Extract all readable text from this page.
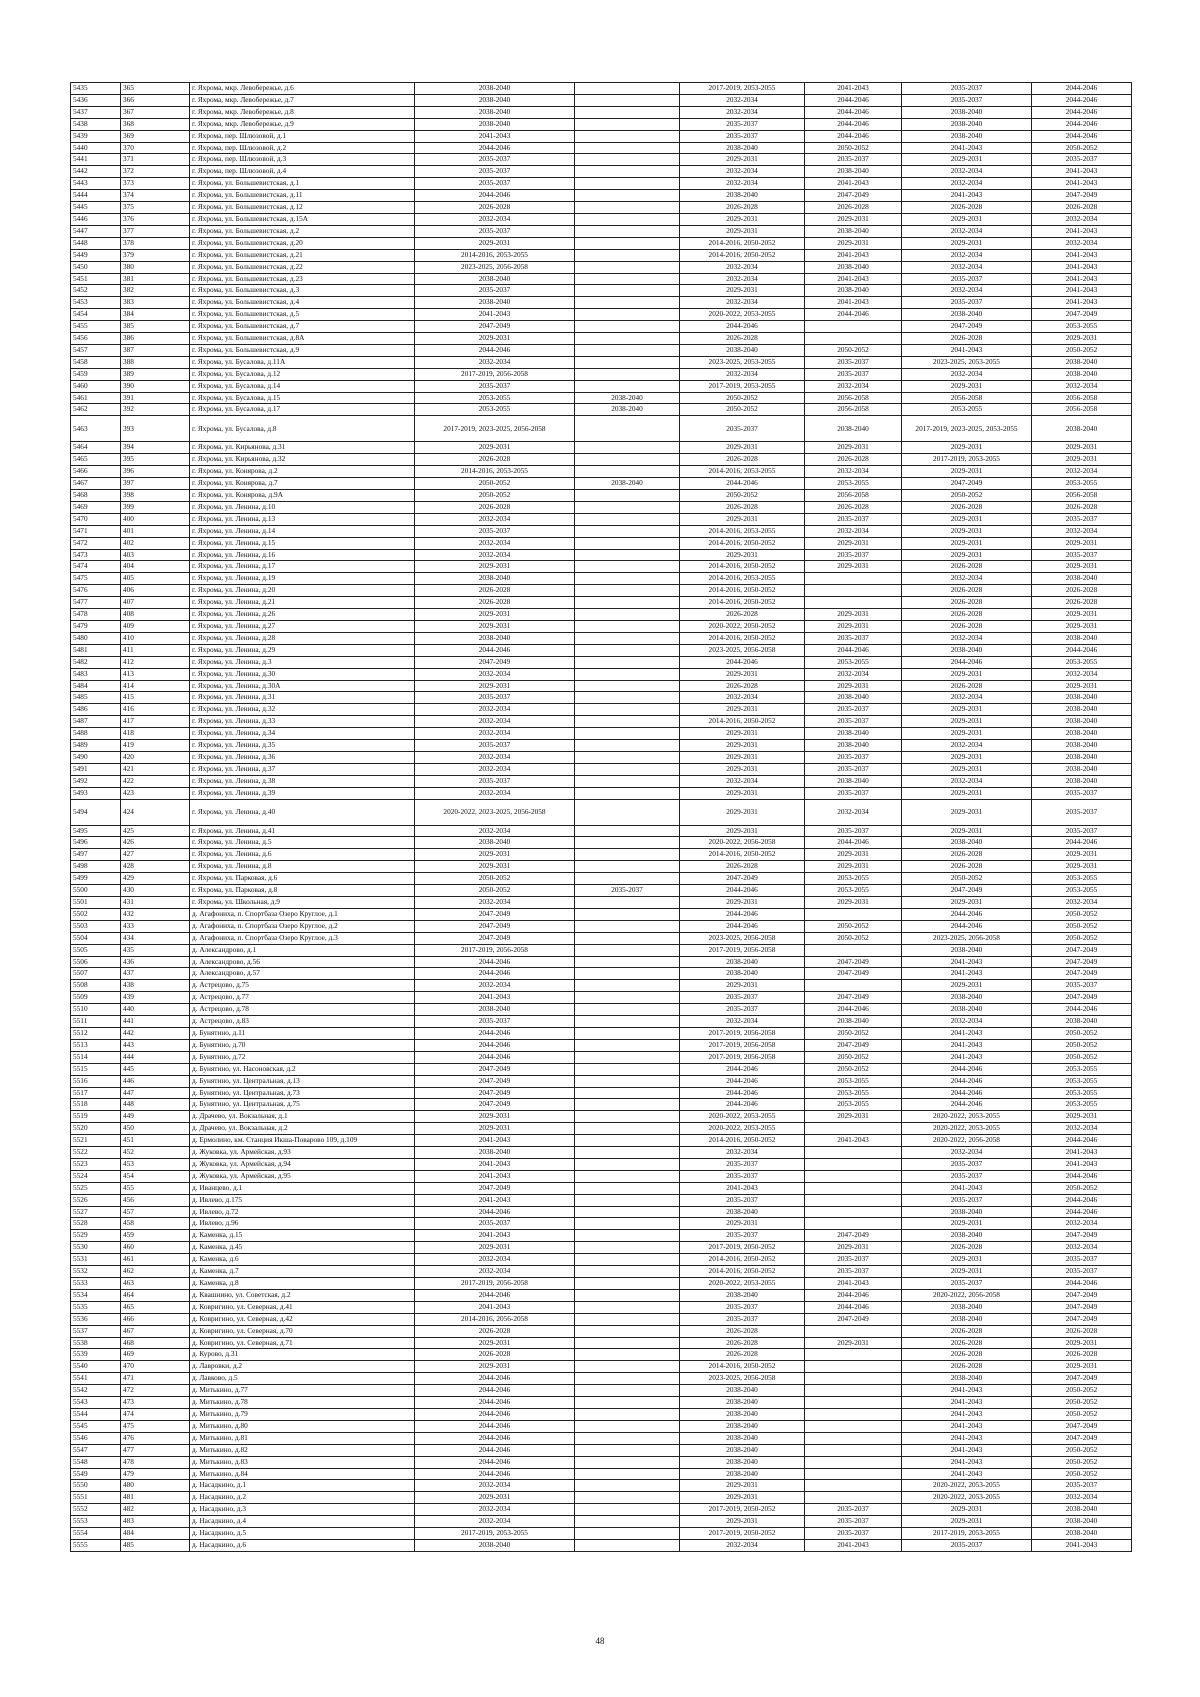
5435	365	г. Яхрома, мкр. Левобережье, д.6	2038-2040		2017-2019, 2053-2055	2041-2043	2035-2037	2044-2046
5436	366	г. Яхрома, мкр. Левобережье, д.7	2038-2040		2032-2034	2044-2046	2035-2037	2044-2046
5437	367	г. Яхрома, мкр. Левобережье, д.8	2038-2040		2032-2034	2044-2046	2038-2040	2044-2046
5438	368	г. Яхрома, мкр. Левобережье, д.9	2038-2040		2035-2037	2044-2046	2038-2040	2044-2046
5439	369	г. Яхрома, пер. Шлюзовой, д.1	2041-2043		2035-2037	2044-2046	2038-2040	2044-2046
5440	370	г. Яхрома, пер. Шлюзовой, д.2	2044-2046		2038-2040	2050-2052	2041-2043	2050-2052
5441	371	г. Яхрома, пер. Шлюзовой, д.3	2035-2037		2029-2031	2035-2037	2029-2031	2035-2037
5442	372	г. Яхрома, пер. Шлюзовой, д.4	2035-2037		2032-2034	2038-2040	2032-2034	2041-2043
5443	373	г. Яхрома, ул. Большевистская, д.1	2035-2037		2032-2034	2041-2043	2032-2034	2041-2043
5444	374	г. Яхрома, ул. Большевистская, д.11	2044-2046		2038-2040	2047-2049	2041-2043	2047-2049
5445	375	г. Яхрома, ул. Большевистская, д.12	2026-2028		2026-2028	2026-2028	2026-2028	2026-2028
5446	376	г. Яхрома, ул. Большевистская, д.15А	2032-2034		2029-2031	2029-2031	2029-2031	2032-2034
5447	377	г. Яхрома, ул. Большевистская, д.2	2035-2037		2029-2031	2038-2040	2032-2034	2041-2043
5448	378	г. Яхрома, ул. Большевистская, д.20	2029-2031		2014-2016, 2050-2052	2029-2031	2029-2031	2032-2034
5449	379	г. Яхрома, ул. Большевистская, д.21	2014-2016, 2053-2055		2014-2016, 2050-2052	2041-2043	2032-2034	2041-2043
5450	380	г. Яхрома, ул. Большевистская, д.22	2023-2025, 2056-2058		2032-2034	2038-2040	2032-2034	2041-2043
5451	381	г. Яхрома, ул. Большевистская, д.23	2038-2040		2032-2034	2041-2043	2035-2037	2041-2043
5452	382	г. Яхрома, ул. Большевистская, д.3	2035-2037		2029-2031	2038-2040	2032-2034	2041-2043
5453	383	г. Яхрома, ул. Большевистская, д.4	2038-2040		2032-2034	2041-2043	2035-2037	2041-2043
5454	384	г. Яхрома, ул. Большевистская, д.5	2041-2043		2020-2022, 2053-2055	2044-2046	2038-2040	2047-2049
5455	385	г. Яхрома, ул. Большевистская, д.7	2047-2049		2044-2046		2047-2049	2053-2055
5456	386	г. Яхрома, ул. Большевистская, д.8А	2029-2031		2026-2028		2026-2028	2029-2031
5457	387	г. Яхрома, ул. Большевистская, д.9	2044-2046		2038-2040	2050-2052	2041-2043	2050-2052
5458	388	г. Яхрома, ул. Бусалова, д.11А	2032-2034		2023-2025, 2053-2055	2035-2037	2023-2025, 2053-2055	2038-2040
5459	389	г. Яхрома, ул. Бусалова, д.12	2017-2019, 2056-2058		2032-2034	2035-2037	2032-2034	2038-2040
5460	390	г. Яхрома, ул. Бусалова, д.14	2035-2037		2017-2019, 2053-2055	2032-2034	2029-2031	2032-2034
5461	391	г. Яхрома, ул. Бусалова, д.15	2053-2055	2038-2040	2050-2052	2056-2058	2056-2058	2056-2058
5462	392	г. Яхрома, ул. Бусалова, д.17	2053-2055	2038-2040	2050-2052	2056-2058	2053-2055	2056-2058
5463	393	г. Яхрома, ул. Бусалова, д.8	2017-2019, 2023-2025, 2056-2058		2035-2037	2038-2040	2017-2019, 2023-2025, 2053-2055	2038-2040
5464	394	г. Яхрома, ул. Кирьянова, д.31	2029-2031		2029-2031	2029-2031	2029-2031	2029-2031
5465	395	г. Яхрома, ул. Кирьянова, д.32	2026-2028		2026-2028	2026-2028	2017-2019, 2053-2055	2029-2031
5466	396	г. Яхрома, ул. Конярова, д.2	2014-2016, 2053-2055		2014-2016, 2053-2055	2032-2034	2029-2031	2032-2034
5467	397	г. Яхрома, ул. Конярова, д.7	2050-2052	2038-2040	2044-2046	2053-2055	2047-2049	2053-2055
5468	398	г. Яхрома, ул. Конярова, д.9А	2050-2052		2050-2052	2056-2058	2050-2052	2056-2058
5469	399	г. Яхрома, ул. Ленина, д.10	2026-2028		2026-2028	2026-2028	2026-2028	2026-2028
5470	400	г. Яхрома, ул. Ленина, д.13	2032-2034		2029-2031	2035-2037	2029-2031	2035-2037
5471	401	г. Яхрома, ул. Ленина, д.14	2035-2037		2014-2016, 2053-2055	2032-2034	2029-2031	2032-2034
5472	402	г. Яхрома, ул. Ленина, д.15	2032-2034		2014-2016, 2050-2052	2029-2031	2029-2031	2029-2031
5473	403	г. Яхрома, ул. Ленина, д.16	2032-2034		2029-2031	2035-2037	2029-2031	2035-2037
5474	404	г. Яхрома, ул. Ленина, д.17	2029-2031		2014-2016, 2050-2052	2029-2031	2026-2028	2029-2031
5475	405	г. Яхрома, ул. Ленина, д.19	2038-2040		2014-2016, 2053-2055		2032-2034	2038-2040
5476	406	г. Яхрома, ул. Ленина, д.20	2026-2028		2014-2016, 2050-2052		2026-2028	2026-2028
5477	407	г. Яхрома, ул. Ленина, д.21	2026-2028		2014-2016, 2050-2052		2026-2028	2026-2028
5478	408	г. Яхрома, ул. Ленина, д.26	2029-2031		2026-2028	2029-2031	2026-2028	2029-2031
5479	409	г. Яхрома, ул. Ленина, д.27	2029-2031		2020-2022, 2050-2052	2029-2031	2026-2028	2029-2031
5480	410	г. Яхрома, ул. Ленина, д.28	2038-2040		2014-2016, 2050-2052	2035-2037	2032-2034	2038-2040
5481	411	г. Яхрома, ул. Ленина, д.29	2044-2046		2023-2025, 2056-2058	2044-2046	2038-2040	2044-2046
5482	412	г. Яхрома, ул. Ленина, д.3	2047-2049		2044-2046	2053-2055	2044-2046	2053-2055
5483	413	г. Яхрома, ул. Ленина, д.30	2032-2034		2029-2031	2032-2034	2029-2031	2032-2034
5484	414	г. Яхрома, ул. Ленина, д.30А	2029-2031		2026-2028	2029-2031	2026-2028	2029-2031
5485	415	г. Яхрома, ул. Ленина, д.31	2035-2037		2032-2034	2038-2040	2032-2034	2038-2040
5486	416	г. Яхрома, ул. Ленина, д.32	2032-2034		2029-2031	2035-2037	2029-2031	2038-2040
5487	417	г. Яхрома, ул. Ленина, д.33	2032-2034		2014-2016, 2050-2052	2035-2037	2029-2031	2038-2040
5488	418	г. Яхрома, ул. Ленина, д.34	2032-2034		2029-2031	2038-2040	2029-2031	2038-2040
5489	419	г. Яхрома, ул. Ленина, д.35	2035-2037		2029-2031	2038-2040	2032-2034	2038-2040
5490	420	г. Яхрома, ул. Ленина, д.36	2032-2034		2029-2031	2035-2037	2029-2031	2038-2040
5491	421	г. Яхрома, ул. Ленина, д.37	2032-2034		2029-2031	2035-2037	2029-2031	2038-2040
5492	422	г. Яхрома, ул. Ленина, д.38	2035-2037		2032-2034	2038-2040	2032-2034	2038-2040
5493	423	г. Яхрома, ул. Ленина, д.39	2032-2034		2029-2031	2035-2037	2029-2031	2035-2037
5494	424	г. Яхрома, ул. Ленина, д.40	2020-2022, 2023-2025, 2056-2058		2029-2031	2032-2034	2029-2031	2035-2037
5495	425	г. Яхрома, ул. Ленина, д.41	2032-2034		2029-2031	2035-2037	2029-2031	2035-2037
5496	426	г. Яхрома, ул. Ленина, д.5	2038-2040		2020-2022, 2056-2058	2044-2046	2038-2040	2044-2046
5497	427	г. Яхрома, ул. Ленина, д.6	2029-2031		2014-2016, 2050-2052	2029-2031	2026-2028	2029-2031
5498	428	г. Яхрома, ул. Ленина, д.8	2029-2031		2026-2028	2029-2031	2026-2028	2029-2031
5499	429	г. Яхрома, ул. Парковая, д.6	2050-2052		2047-2049	2053-2055	2050-2052	2053-2055
5500	430	г. Яхрома, ул. Парковая, д.8	2050-2052	2035-2037	2044-2046	2053-2055	2047-2049	2053-2055
5501	431	г. Яхрома, ул. Школьная, д.9	2032-2034		2029-2031	2029-2031	2029-2031	2032-2034
5502	432	д. Агафониха, п. Спортбаза Озеро Круглое, д.1	2047-2049		2044-2046		2044-2046	2050-2052
5503	433	д. Агафониха, п. Спортбаза Озеро Круглое, д.2	2047-2049		2044-2046	2050-2052	2044-2046	2050-2052
5504	434	д. Агафониха, п. Спортбаза Озеро Круглое, д.3	2047-2049		2023-2025, 2056-2058	2050-2052	2023-2025, 2056-2058	2050-2052
5505	435	д. Александрово, д.1	2017-2019, 2056-2058		2017-2019, 2056-2058		2038-2040	2047-2049
5506	436	д. Александрово, д.56	2044-2046		2038-2040	2047-2049	2041-2043	2047-2049
5507	437	д. Александрово, д.57	2044-2046		2038-2040	2047-2049	2041-2043	2047-2049
5508	438	д. Астрецово, д.75	2032-2034		2029-2031		2029-2031	2035-2037
5509	439	д. Астрецово, д.77	2041-2043		2035-2037	2047-2049	2038-2040	2047-2049
5510	440	д. Астрецово, д.78	2038-2040		2035-2037	2044-2046	2038-2040	2044-2046
5511	441	д. Астрецово, д.83	2035-2037		2032-2034	2038-2040	2032-2034	2038-2040
5512	442	д. Бунятино, д.11	2044-2046		2017-2019, 2056-2058	2050-2052	2041-2043	2050-2052
5513	443	д. Бунятино, д.70	2044-2046		2017-2019, 2056-2058	2047-2049	2041-2043	2050-2052
5514	444	д. Бунятино, д.72	2044-2046		2017-2019, 2056-2058	2050-2052	2041-2043	2050-2052
5515	445	д. Бунятино, ул. Насоновская, д.2	2047-2049		2044-2046	2050-2052	2044-2046	2053-2055
5516	446	д. Бунятино, ул. Центральная, д.13	2047-2049		2044-2046	2053-2055	2044-2046	2053-2055
5517	447	д. Бунятино, ул. Центральная, д.73	2047-2049		2044-2046	2053-2055	2044-2046	2053-2055
5518	448	д. Бунятино, ул. Центральная, д.75	2047-2049		2044-2046	2053-2055	2044-2046	2053-2055
5519	449	д. Драчево, ул. Вокзальная, д.1	2029-2031		2020-2022, 2053-2055	2029-2031	2020-2022, 2053-2055	2029-2031
5520	450	д. Драчево, ул. Вокзальная, д.2	2029-2031		2020-2022, 2053-2055		2020-2022, 2053-2055	2032-2034
5521	451	д. Ермолино, км. Станция Икша-Поварово 109, д.109	2041-2043		2014-2016, 2050-2052	2041-2043	2020-2022, 2056-2058	2044-2046
5522	452	д. Жуковка, ул. Армейская, д.93	2038-2040		2032-2034		2032-2034	2041-2043
5523	453	д. Жуковка, ул. Армейская, д.94	2041-2043		2035-2037		2035-2037	2041-2043
5524	454	д. Жуковка, ул. Армейская, д.95	2041-2043		2035-2037		2035-2037	2044-2046
5525	455	д. Иванцево, д.1	2047-2049		2041-2043		2041-2043	2050-2052
5526	456	д. Ивлево, д.175	2041-2043		2035-2037		2035-2037	2044-2046
5527	457	д. Ивлево, д.72	2044-2046		2038-2040		2038-2040	2044-2046
5528	458	д. Ивлево, д.96	2035-2037		2029-2031		2029-2031	2032-2034
5529	459	д. Каменка, д.15	2041-2043		2035-2037	2047-2049	2038-2040	2047-2049
5530	460	д. Каменка, д.45	2029-2031		2017-2019, 2050-2052	2029-2031	2026-2028	2032-2034
5531	461	д. Каменка, д.6	2032-2034		2014-2016, 2050-2052	2035-2037	2029-2031	2035-2037
5532	462	д. Каменка, д.7	2032-2034		2014-2016, 2050-2052	2035-2037	2029-2031	2035-2037
5533	463	д. Каменка, д.8	2017-2019, 2056-2058		2020-2022, 2053-2055	2041-2043	2035-2037	2044-2046
5534	464	д. Квашнино, ул. Советская, д.2	2044-2046		2038-2040	2044-2046	2020-2022, 2056-2058	2047-2049
5535	465	д. Ковригино, ул. Северная, д.41	2041-2043		2035-2037	2044-2046	2038-2040	2047-2049
5536	466	д. Ковригино, ул. Северная, д.42	2014-2016, 2056-2058		2035-2037	2047-2049	2038-2040	2047-2049
5537	467	д. Ковригино, ул. Северная, д.70	2026-2028		2026-2028		2026-2028	2026-2028
5538	468	д. Ковригино, ул. Северная, д.71	2029-2031		2026-2028	2029-2031	2026-2028	2029-2031
5539	469	д. Курово, д.31	2026-2028		2026-2028		2026-2028	2026-2028
5540	470	д. Лавровки, д.2	2029-2031		2014-2016, 2050-2052		2026-2028	2029-2031
5541	471	д. Лавково, д.5	2044-2046		2023-2025, 2056-2058		2038-2040	2047-2049
5542	472	д. Митькино, д.77	2044-2046		2038-2040		2041-2043	2050-2052
5543	473	д. Митькино, д.78	2044-2046		2038-2040		2041-2043	2050-2052
5544	474	д. Митькино, д.79	2044-2046		2038-2040		2041-2043	2050-2052
5545	475	д. Митькино, д.80	2044-2046		2038-2040		2041-2043	2047-2049
5546	476	д. Митькино, д.81	2044-2046		2038-2040		2041-2043	2047-2049
5547	477	д. Митькино, д.82	2044-2046		2038-2040		2041-2043	2050-2052
5548	478	д. Митькино, д.83	2044-2046		2038-2040		2041-2043	2050-2052
5549	479	д. Митькино, д.84	2044-2046		2038-2040		2041-2043	2050-2052
5550	480	д. Насадкино, д.1	2032-2034		2029-2031		2020-2022, 2053-2055	2035-2037
5551	481	д. Насадкино, д.2	2029-2031		2029-2031		2020-2022, 2053-2055	2032-2034
5552	482	д. Насадкино, д.3	2032-2034		2017-2019, 2050-2052	2035-2037	2029-2031	2038-2040
5553	483	д. Насадкино, д.4	2032-2034		2029-2031	2035-2037	2029-2031	2038-2040
5554	484	д. Насадкино, д.5	2017-2019, 2053-2055		2017-2019, 2050-2052	2035-2037	2017-2019, 2053-2055	2038-2040
5555	485	д. Насадкино, д.6	2038-2040		2032-2034	2041-2043	2035-2037	2041-2043
48
